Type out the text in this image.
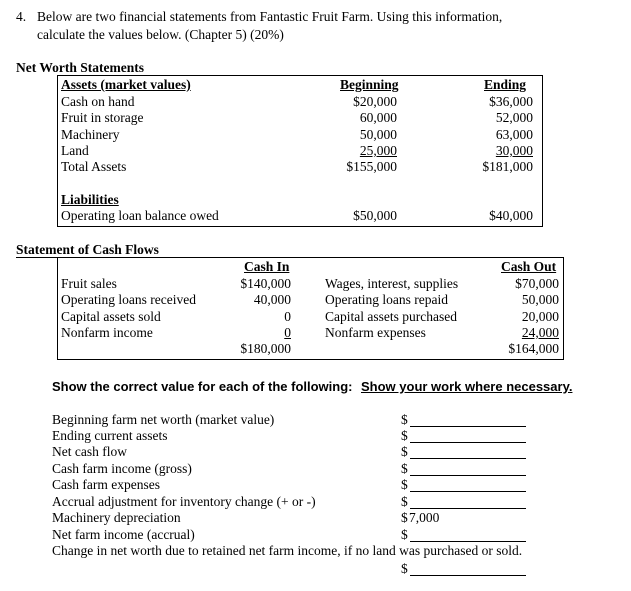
4. Below are two financial statements from Fantastic Fruit Farm. Using this information,
calculate the values below. (Chapter 5) (20%)
Net Worth Statements
Assets (market values)	Beginning	Ending
Cash on hand	$20,000	$36,000
Fruit in storage	60,000	52,000
Machinery	50,000	63,000
Land	25,000	30,000
Total Assets	$155,000	$181,000
Liabilities
Operating loan balance owed	$50,000	$40,000
Statement of Cash Flows
Cash In	Cash Out
Fruit sales	$140,000	Wages, interest, supplies	$70,000
Operating loans received	40,000	Operating loans repaid	50,000
Capital assets sold	0	Capital assets purchased	20,000
Nonfarm income	0	Nonfarm expenses	24,000
$180,000	$164,000
Show the correct value for each of the following: Show your work where necessary.
Beginning farm net worth (market value)	$
Ending current assets	$
Net cash flow	$
Cash farm income (gross)	$
Cash farm expenses	$
Accrual adjustment for inventory change (+ or -)	$
Machinery depreciation	$ 7,000
Net farm income (accrual)	$
Change in net worth due to retained net farm income, if no land was purchased or sold.
$
